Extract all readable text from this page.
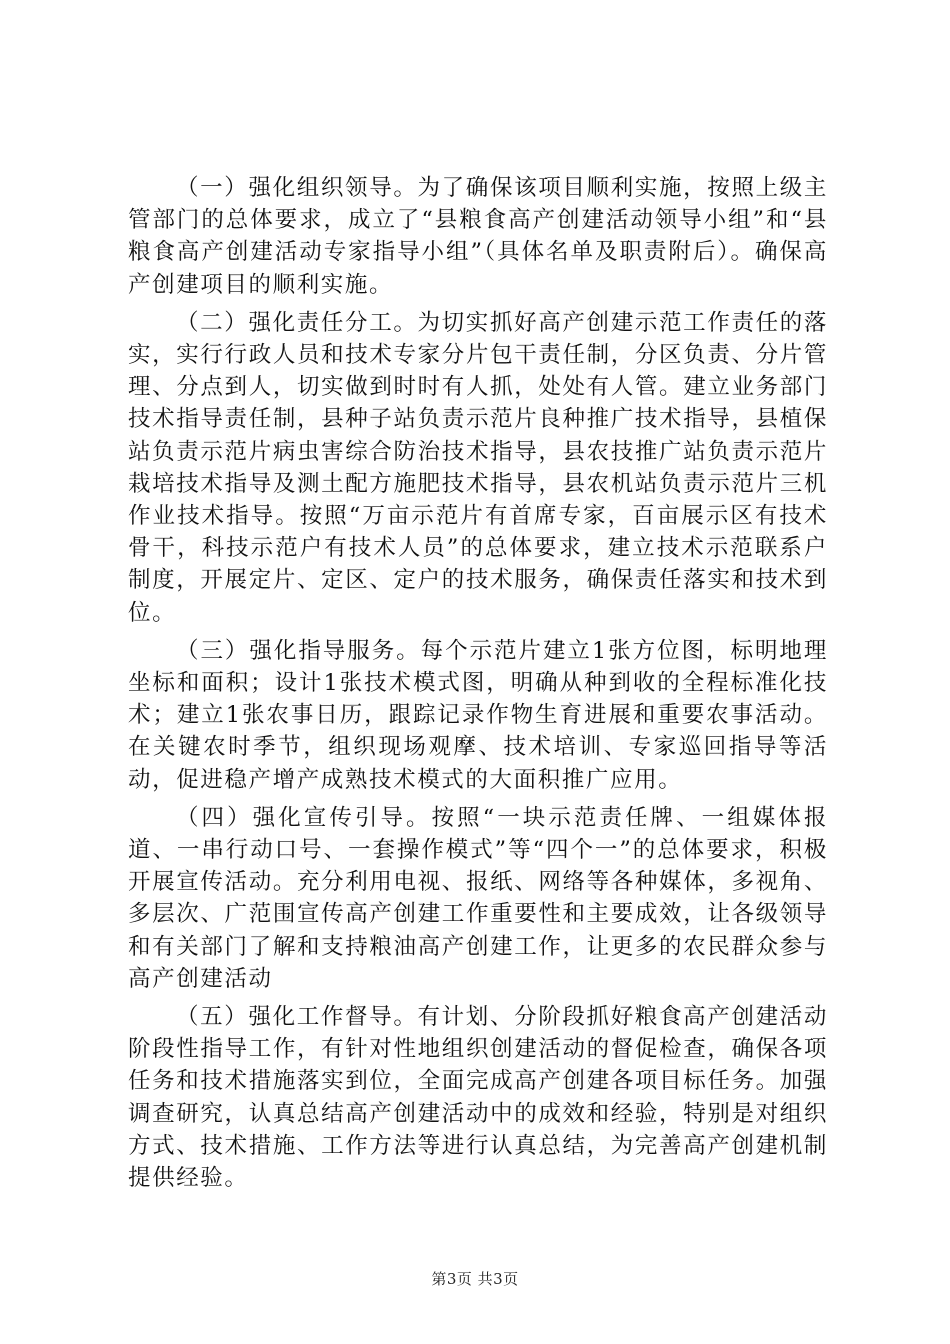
（一）强化组织领导。为了确保该项目顺利实施，按照上级主管部门的总体要求，成立了“县粮食高产创建活动领导小组”和“县粮食高产创建活动专家指导小组”（具体名单及职责附后）。确保高产创建项目的顺利实施。

（二）强化责任分工。为切实抓好高产创建示范工作责任的落实，实行行政人员和技术专家分片包干责任制，分区负责、分片管理、分点到人，切实做到时时有人抓，处处有人管。建立业务部门技术指导责任制，县种子站负责示范片良种推广技术指导，县植保站负责示范片病虫害综合防治技术指导，县农技推广站负责示范片栽培技术指导及测土配方施肥技术指导，县农机站负责示范片三机作业技术指导。按照“万亩示范片有首席专家，百亩展示区有技术骨干，科技示范户有技术人员”的总体要求，建立技术示范联系户制度，开展定片、定区、定户的技术服务，确保责任落实和技术到位。

（三）强化指导服务。每个示范片建立1张方位图，标明地理坐标和面积；设计1张技术模式图，明确从种到收的全程标准化技术；建立1张农事日历，跟踪记录作物生育进展和重要农事活动。在关键农时季节，组织现场观摩、技术培训、专家巡回指导等活动，促进稳产增产成熟技术模式的大面积推广应用。

（四）强化宣传引导。按照“一块示范责任牌、一组媒体报道、一串行动口号、一套操作模式”等“四个一”的总体要求，积极开展宣传活动。充分利用电视、报纸、网络等各种媒体，多视角、多层次、广范围宣传高产创建工作重要性和主要成效，让各级领导和有关部门了解和支持粮油高产创建工作，让更多的农民群众参与高产创建活动

（五）强化工作督导。有计划、分阶段抓好粮食高产创建活动阶段性指导工作，有针对性地组织创建活动的督促检查，确保各项任务和技术措施落实到位，全面完成高产创建各项目标任务。加强调查研究，认真总结高产创建活动中的成效和经验，特别是对组织方式、技术措施、工作方法等进行认真总结，为完善高产创建机制提供经验。

第3页 共3页
